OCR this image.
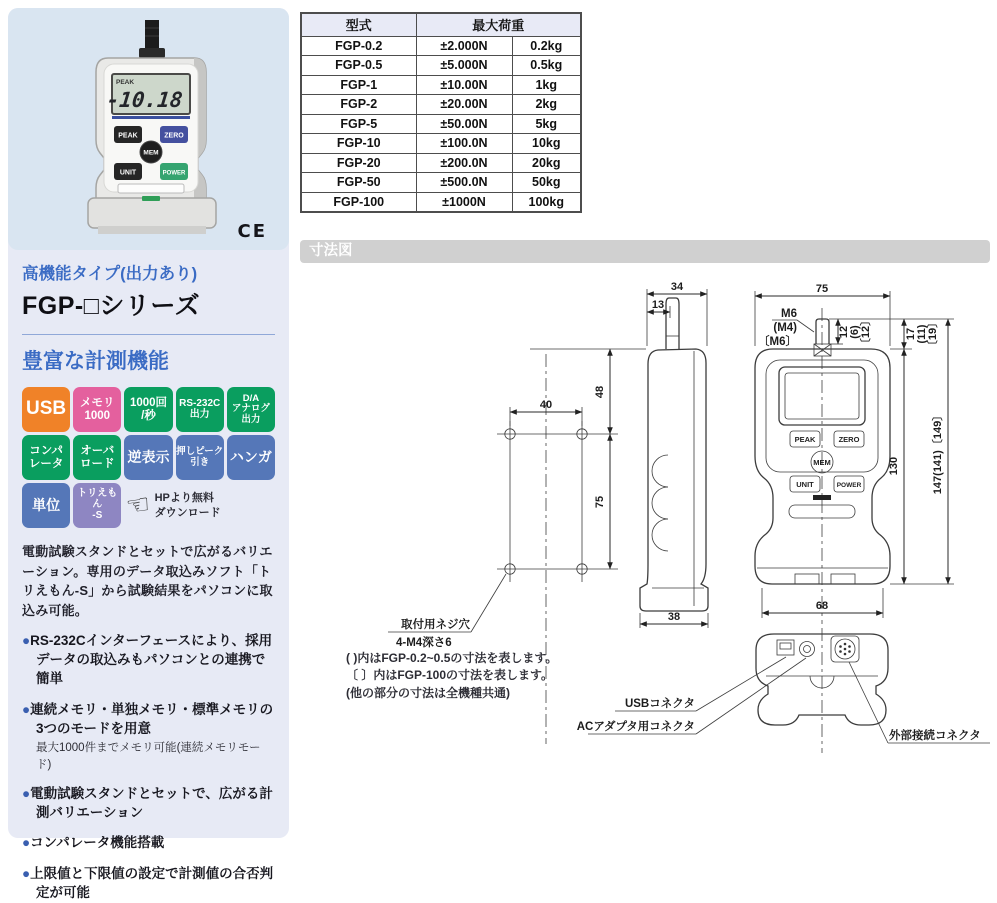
PEAK
-10.18
PEAK	ZERO
MEM
UNIT	POWER
CE
高機能タイプ(出力あり)
FGP-□シリーズ
豊富な計測機能
USB メモリ
1000
1000回
/秒
RS-232C
出力
D/A
アナログ
出力
コンパ
レータ
オーバ
ロード 逆表示 押しピーク
引き ハンガ
単位
トリえもん
-S ☜ HPより無料
ダウンロード

電動試験スタンドとセットで広がるバリエーション。専用のデータ取込みソフト「トリえもん-S」から試験結果をパソコンに取込み可能。

●RS-232Cインターフェースにより、採用データの取込みもパソコンとの連携で簡単
●連続メモリ・単独メモリ・標準メモリの3つのモードを用意
最大1000件までメモリ可能(連続メモリモード)
●電動試験スタンドとセットで、広がる計測バリエーション
●コンパレータ機能搭載
●上限値と下限値の設定で計測値の合否判定が可能
型式	最大荷重	
FGP-0.2	±2.000N	0.2kg
FGP-0.5	±5.000N	0.5kg
FGP-1	±10.00N	1kg
FGP-2	±20.00N	2kg
FGP-5	±50.00N	5kg
FGP-10	±100.0N	10kg
FGP-20	±200.0N	20kg
FGP-50	±500.0N	50kg
FGP-100	±1000N	100kg
寸法図
40
48
75
取付用ネジ穴
4-M4深さ6
34
13
38
PEAK	ZERO
MEM
UNIT	POWER
M6
(M4)
〔M6〕
12 (6) 〔12〕	17 (11) 〔19〕
130	147(141)〔149〕
75
68
USBコネクタ
ACアダプタ用コネクタ
外部接続コネクタ
( )内はFGP-0.2~0.5の寸法を表します。
〔 〕内はFGP-100の寸法を表します。
(他の部分の寸法は全機種共通)
